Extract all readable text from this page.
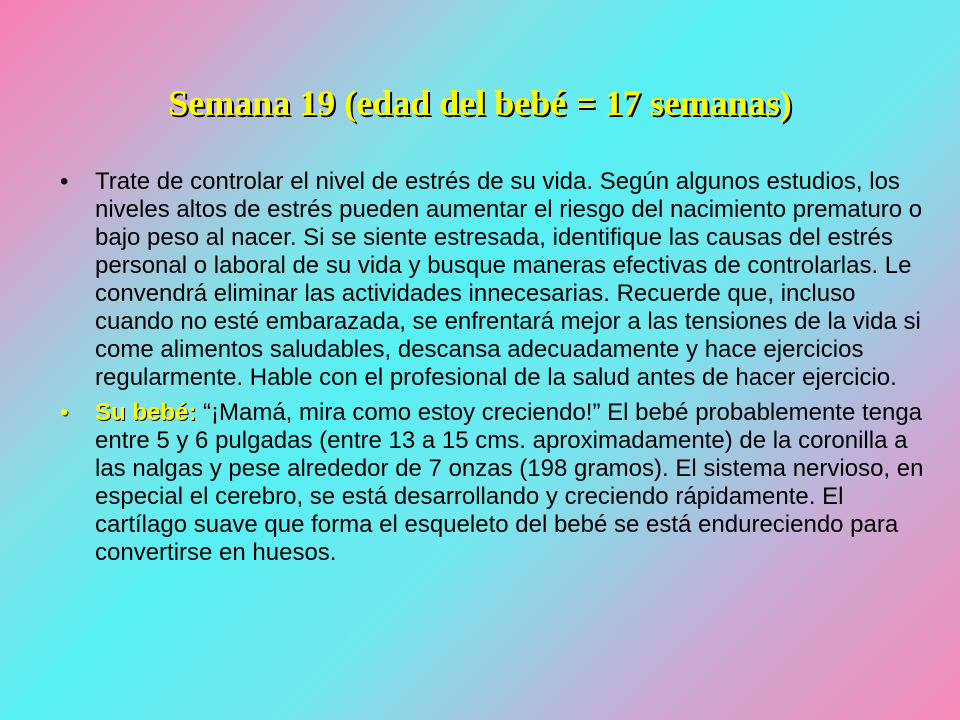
Semana 19 (edad del bebé = 17 semanas)
• Trate de controlar el nivel de estrés de su vida. Según algunos estudios, los niveles altos de estrés pueden aumentar el riesgo del nacimiento prematuro o bajo peso al nacer. Si se siente estresada, identifique las causas del estrés personal o laboral de su vida y busque maneras efectivas de controlarlas. Le convendrá eliminar las actividades innecesarias. Recuerde que, incluso cuando no esté embarazada, se enfrentará mejor a las tensiones de la vida si come alimentos saludables, descansa adecuadamente y hace ejercicios regularmente. Hable con el profesional de la salud antes de hacer ejercicio.
• Su bebé: “¡Mamá, mira como estoy creciendo!” El bebé probablemente tenga entre 5 y 6 pulgadas (entre 13 a 15 cms. aproximadamente) de la coronilla a las nalgas y pese alrededor de 7 onzas (198 gramos). El sistema nervioso, en especial el cerebro, se está desarrollando y creciendo rápidamente. El cartílago suave que forma el esqueleto del bebé se está endureciendo para convertirse en huesos.
